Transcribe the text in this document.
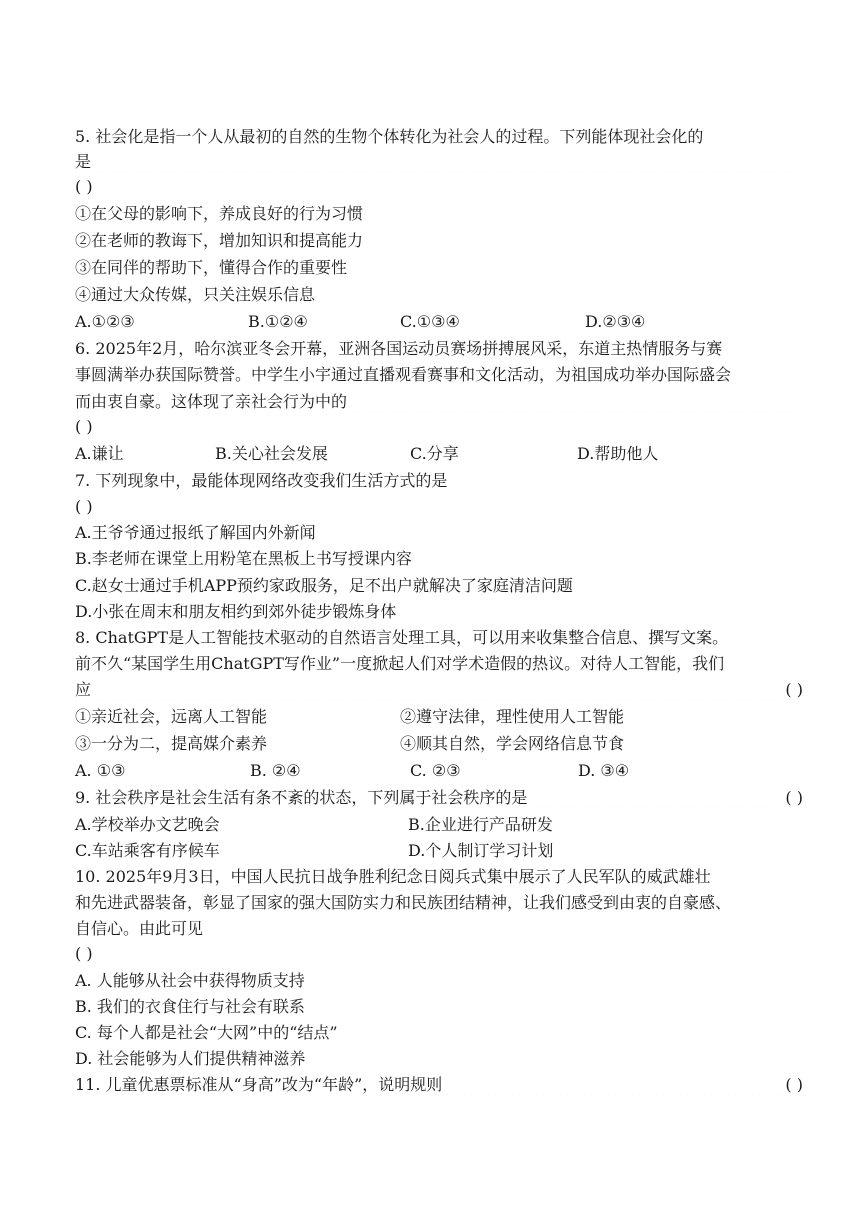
5. 社会化是指一个人从最初的自然的生物个体转化为社会人的过程。下列能体现社会化的
是
( )
①在父母的影响下，养成良好的行为习惯
②在老师的教诲下，增加知识和提高能力
③在同伴的帮助下，懂得合作的重要性
④通过大众传媒，只关注娱乐信息
A.①②③	B.①②④	C.①③④	D.②③④
6. 2025年2月，哈尔滨亚冬会开幕，亚洲各国运动员赛场拼搏展风采，东道主热情服务与赛
事圆满举办获国际赞誉。中学生小宇通过直播观看赛事和文化活动，为祖国成功举办国际盛会
而由衷自豪。这体现了亲社会行为中的
( )
A.谦让	B.关心社会发展	C.分享	D.帮助他人
7. 下列现象中，最能体现网络改变我们生活方式的是
( )
A.王爷爷通过报纸了解国内外新闻
B.李老师在课堂上用粉笔在黑板上书写授课内容
C.赵女士通过手机APP预约家政服务，足不出户就解决了家庭清洁问题
D.小张在周末和朋友相约到郊外徒步锻炼身体
8. ChatGPT是人工智能技术驱动的自然语言处理工具，可以用来收集整合信息、撰写文案。
前不久“某国学生用ChatGPT写作业”一度掀起人们对学术造假的热议。对待人工智能，我们
应	( )
①亲近社会，远离人工智能	②遵守法律，理性使用人工智能
③一分为二，提高媒介素养	④顺其自然，学会网络信息节食
A. ①③	B. ②④	C. ②③	D. ③④
9. 社会秩序是社会生活有条不紊的状态，下列属于社会秩序的是	( )
A.学校举办文艺晚会	B.企业进行产品研发
C.车站乘客有序候车	D.个人制订学习计划
10. 2025年9月3日，中国人民抗日战争胜利纪念日阅兵式集中展示了人民军队的威武雄壮
和先进武器装备，彰显了国家的强大国防实力和民族团结精神，让我们感受到由衷的自豪感、
自信心。由此可见
( )
A. 人能够从社会中获得物质支持
B. 我们的衣食住行与社会有联系
C. 每个人都是社会“大网”中的“结点”
D. 社会能够为人们提供精神滋养
11. 儿童优惠票标准从“身高”改为“年龄”，说明规则	( )
